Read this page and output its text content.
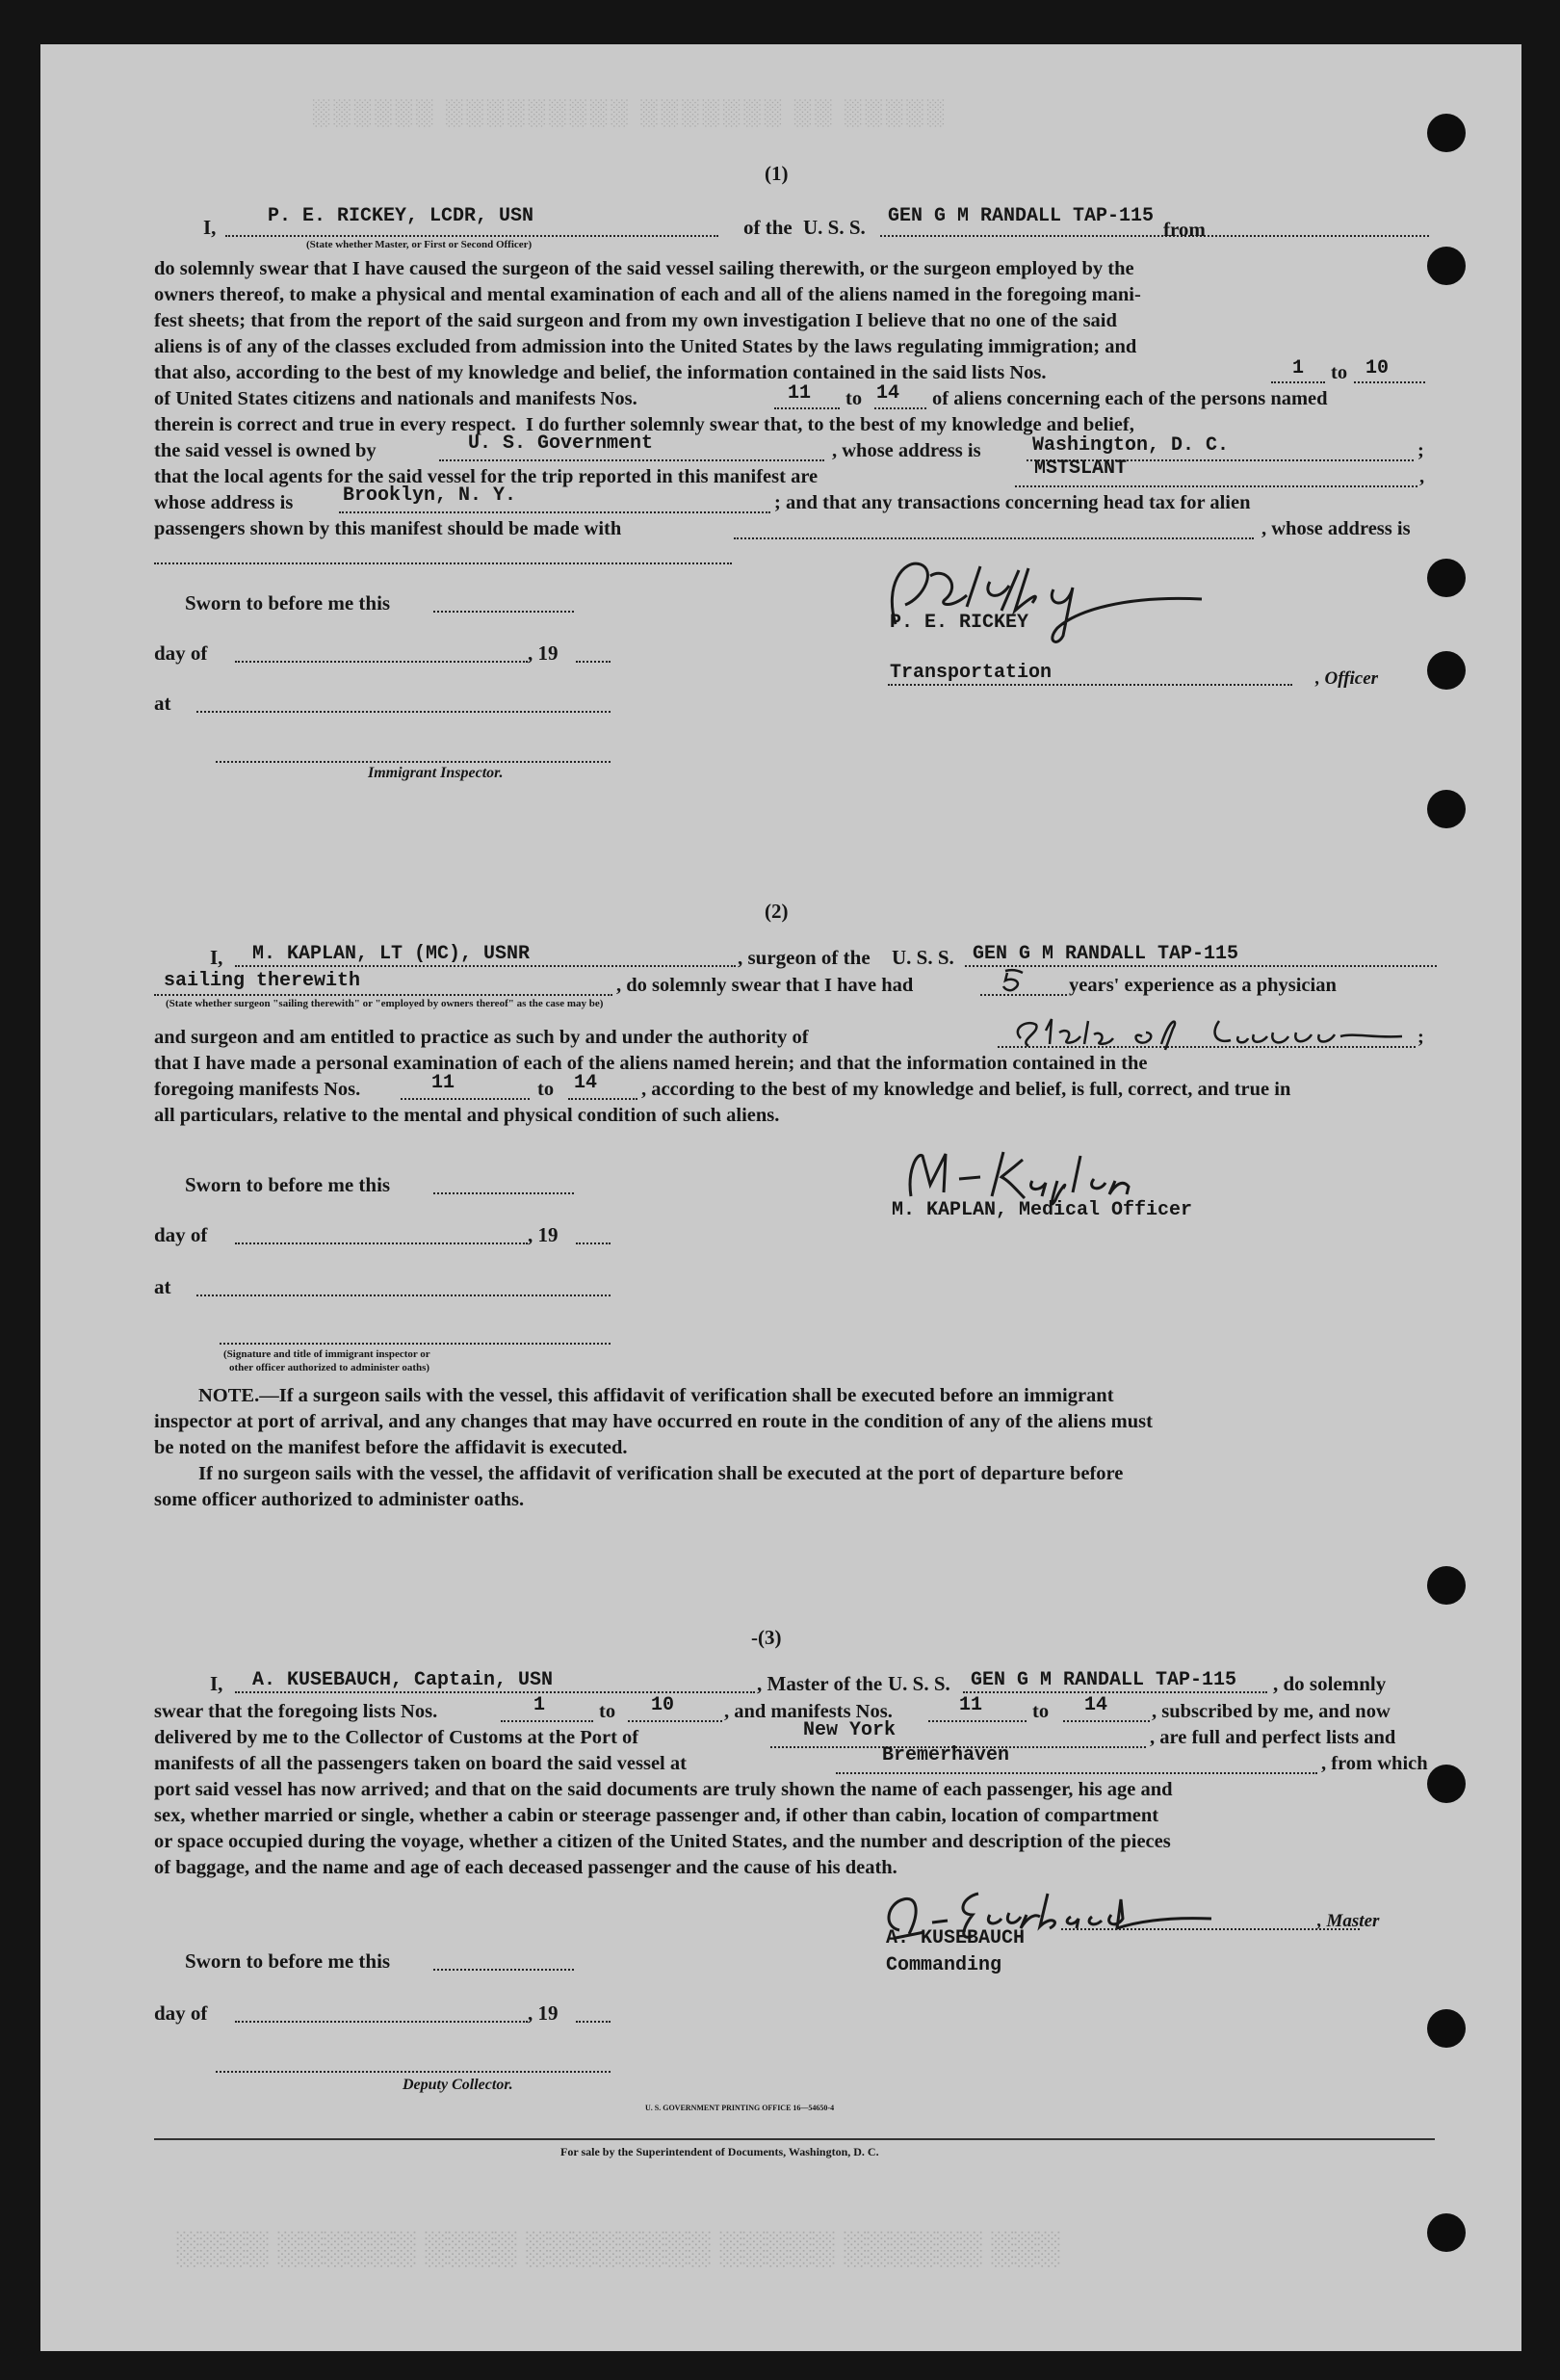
░░░░░ ░░ ░░░░░░░ ░░░░░░░░░ ░░░░░░
░░░░ ░░░░░░ ░░░░ ░░░░░░░░ ░░░░░ ░░░░░░ ░░░
(1)
I,	P. E. RICKEY, LCDR, USN
(State whether Master, or First or Second Officer)
of the U. S. S. GEN G M RANDALL TAP-115
from
do solemnly swear that I have caused the surgeon of the said vessel sailing therewith, or the surgeon employed by the
owners thereof, to make a physical and mental examination of each and all of the aliens named in the foregoing mani-
fest sheets; that from the report of the said surgeon and from my own investigation I believe that no one of the said
aliens is of any of the classes excluded from admission into the United States by the laws regulating immigration; and
that also, according to the best of my knowledge and belief, the information contained in the said lists Nos.	1 to 10
of United States citizens and nationals and manifests Nos.	11 to 14 of aliens concerning each of the persons named
therein is correct and true in every respect.  I do further solemnly swear that, to the best of my knowledge and belief,
the said vessel is owned by	U. S. Government	, whose address is	Washington, D. C.	;
that the local agents for the said vessel for the trip reported in this manifest are	MSTSLANT	,
whose address is	Brooklyn, N. Y.	; and that any transactions concerning head tax for alien
passengers shown by this manifest should be made with	, whose address is
Sworn to before me this
day of	, 19
at
Immigrant Inspector.
P. E. RICKEY
Transportation	, Officer
(2)
I, M. KAPLAN, LT (MC), USNR	, surgeon of the U. S. S. GEN G M RANDALL TAP-115
sailing therewith	, do solemnly swear that I have had	years' experience as a physician
(State whether surgeon "sailing therewith" or "employed by owners thereof" as the case may be)
and surgeon and am entitled to practice as such by and under the authority of	;
that I have made a personal examination of each of the aliens named herein; and that the information contained in the
foregoing manifests Nos.	11	to 14 , according to the best of my knowledge and belief, is full, correct, and true in
all particulars, relative to the mental and physical condition of such aliens.
Sworn to before me this
day of	, 19
at
(Signature and title of immigrant inspector or
other officer authorized to administer oaths)
M. KAPLAN, Medical Officer
NOTE.—If a surgeon sails with the vessel, this affidavit of verification shall be executed before an immigrant
inspector at port of arrival, and any changes that may have occurred en route in the condition of any of the aliens must
be noted on the manifest before the affidavit is executed.
If no surgeon sails with the vessel, the affidavit of verification shall be executed at the port of departure before
some officer authorized to administer oaths.
-(3)
I, A. KUSEBAUCH, Captain, USN	, Master of the U. S. S. GEN G M RANDALL TAP-115 , do solemnly
swear that the foregoing lists Nos.	1	to 10	, and manifests Nos.	11	to 14 , subscribed by me, and now
delivered by me to the Collector of Customs at the Port of	New York	, are full and perfect lists and
manifests of all the passengers taken on board the said vessel at	Bremerhaven	, from which
port said vessel has now arrived; and that on the said documents are truly shown the name of each passenger, his age and
sex, whether married or single, whether a cabin or steerage passenger and, if other than cabin, location of compartment
or space occupied during the voyage, whether a citizen of the United States, and the number and description of the pieces
of baggage, and the name and age of each deceased passenger and the cause of his death.
Sworn to before me this
day of	, 19
Deputy Collector.
, Master
A. KUSEBAUCH
Commanding
U. S. GOVERNMENT PRINTING OFFICE 16—54650-4
For sale by the Superintendent of Documents, Washington, D. C.
